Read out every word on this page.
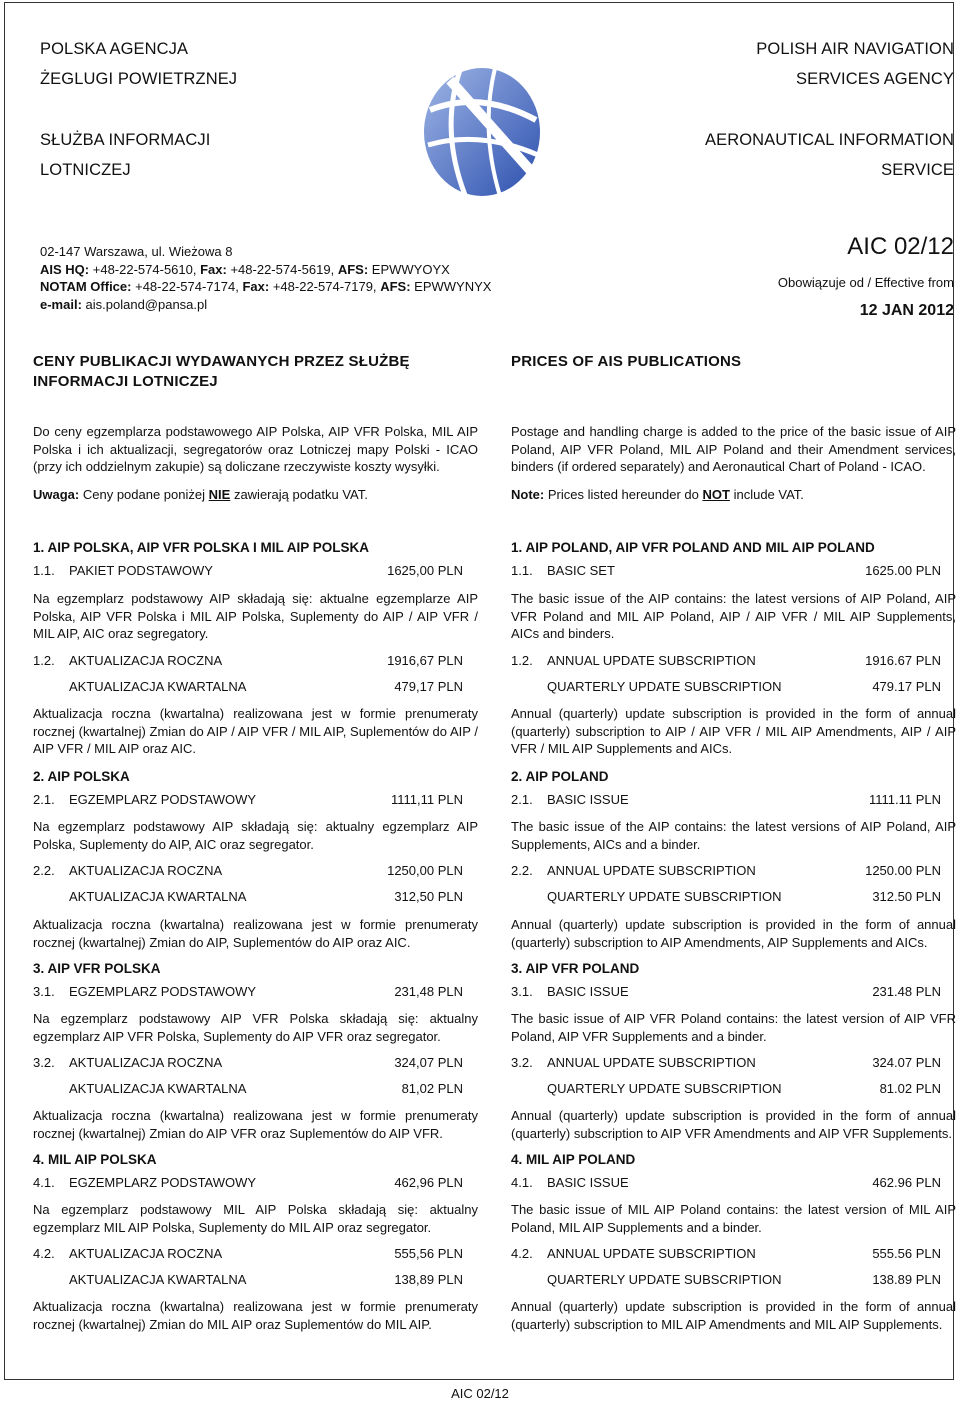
POLSKA AGENCJA
ŻEGLUGI POWIETRZNEJ
SŁUŻBA INFORMACJI
LOTNICZEJ
POLISH AIR NAVIGATION
SERVICES AGENCY
AERONAUTICAL INFORMATION
SERVICE
02-147 Warszawa, ul. Wieżowa 8
AIS HQ: +48-22-574-5610, Fax: +48-22-574-5619, AFS: EPWWYOYX
NOTAM Office: +48-22-574-7174, Fax: +48-22-574-7179, AFS: EPWWYNYX
e-mail: ais.poland@pansa.pl
AIC 02/12
Obowiązuje od / Effective from
12 JAN 2012
CENY PUBLIKACJI WYDAWANYCH PRZEZ SŁUŻBĘ INFORMACJI LOTNICZEJ
PRICES OF AIS PUBLICATIONS
Do ceny egzemplarza podstawowego AIP Polska, AIP VFR Polska, MIL AIP Polska i ich aktualizacji, segregatorów oraz Lotniczej mapy Polski - ICAO (przy ich oddzielnym zakupie) są doliczane rzeczywiste koszty wysyłki.
Postage and handling charge is added to the price of the basic issue of AIP Poland, AIP VFR Poland, MIL AIP Poland and their Amendment services, binders (if ordered separately) and Aeronautical Chart of Poland - ICAO.
Uwaga: Ceny podane poniżej NIE zawierają podatku VAT.	Note: Prices listed hereunder do NOT include VAT.
1. AIP POLSKA, AIP VFR POLSKA I MIL AIP POLSKA
1.1. PAKIET PODSTAWOWY	1625,00 PLN
Na egzemplarz podstawowy AIP składają się: aktualne egzemplarze AIP Polska, AIP VFR Polska i MIL AIP Polska, Suplementy do AIP / AIP VFR / MIL AIP, AIC oraz segregatory.
1.2. AKTUALIZACJA ROCZNA	1916,67 PLN
AKTUALIZACJA KWARTALNA	479,17 PLN
Aktualizacja roczna (kwartalna) realizowana jest w formie prenumeraty rocznej (kwartalnej) Zmian do AIP / AIP VFR / MIL AIP, Suplementów do AIP / AIP VFR / MIL AIP oraz AIC.
2. AIP POLSKA
2.1. EGZEMPLARZ PODSTAWOWY	1111,11 PLN
Na egzemplarz podstawowy AIP składają się: aktualny egzemplarz AIP Polska, Suplementy do AIP, AIC oraz segregator.
2.2. AKTUALIZACJA ROCZNA	1250,00 PLN
AKTUALIZACJA KWARTALNA	312,50 PLN
Aktualizacja roczna (kwartalna) realizowana jest w formie prenumeraty rocznej (kwartalnej) Zmian do AIP, Suplementów do AIP oraz AIC.
3. AIP VFR POLSKA
3.1. EGZEMPLARZ PODSTAWOWY	231,48 PLN
Na egzemplarz podstawowy AIP VFR Polska składają się: aktualny egzemplarz AIP VFR Polska, Suplementy do AIP VFR oraz segregator.
3.2. AKTUALIZACJA ROCZNA	324,07 PLN
AKTUALIZACJA KWARTALNA	81,02 PLN
Aktualizacja roczna (kwartalna) realizowana jest w formie prenumeraty rocznej (kwartalnej) Zmian do AIP VFR oraz Suplementów do AIP VFR.
4. MIL AIP POLSKA
4.1. EGZEMPLARZ PODSTAWOWY	462,96 PLN
Na egzemplarz podstawowy MIL AIP Polska składają się: aktualny egzemplarz MIL AIP Polska, Suplementy do MIL AIP oraz segregator.
4.2. AKTUALIZACJA ROCZNA	555,56 PLN
AKTUALIZACJA KWARTALNA	138,89 PLN
Aktualizacja roczna (kwartalna) realizowana jest w formie prenumeraty rocznej (kwartalnej) Zmian do MIL AIP oraz Suplementów do MIL AIP.
1. AIP POLAND, AIP VFR POLAND AND MIL AIP POLAND
1.1. BASIC SET	1625.00 PLN
The basic issue of the AIP contains: the latest versions of AIP Poland, AIP VFR Poland and MIL AIP Poland, AIP / AIP VFR / MIL AIP Supplements, AICs and binders.
1.2. ANNUAL UPDATE SUBSCRIPTION	1916.67 PLN
QUARTERLY UPDATE SUBSCRIPTION	479.17 PLN
Annual (quarterly) update subscription is provided in the form of annual (quarterly) subscription to AIP / AIP VFR / MIL AIP Amendments, AIP / AIP VFR / MIL AIP Supplements and AICs.
2. AIP POLAND
2.1. BASIC ISSUE	1111.11 PLN
The basic issue of the AIP contains: the latest versions of AIP Poland, AIP Supplements, AICs and a binder.
2.2. ANNUAL UPDATE SUBSCRIPTION	1250.00 PLN
QUARTERLY UPDATE SUBSCRIPTION	312.50 PLN
Annual (quarterly) update subscription is provided in the form of annual (quarterly) subscription to AIP Amendments, AIP Supplements and AICs.
3. AIP VFR POLAND
3.1. BASIC ISSUE	231.48 PLN
The basic issue of AIP VFR Poland contains: the latest version of AIP VFR Poland, AIP VFR Supplements and a binder.
3.2. ANNUAL UPDATE SUBSCRIPTION	324.07 PLN
QUARTERLY UPDATE SUBSCRIPTION	81.02 PLN
Annual (quarterly) update subscription is provided in the form of annual (quarterly) subscription to AIP VFR Amendments and AIP VFR Supplements.
4. MIL AIP POLAND
4.1. BASIC ISSUE	462.96 PLN
The basic issue of MIL AIP Poland contains: the latest version of MIL AIP Poland, MIL AIP Supplements and a binder.
4.2. ANNUAL UPDATE SUBSCRIPTION	555.56 PLN
QUARTERLY UPDATE SUBSCRIPTION	138.89 PLN
Annual (quarterly) update subscription is provided in the form of annual (quarterly) subscription to MIL AIP Amendments and MIL AIP Supplements.
AIC 02/12
